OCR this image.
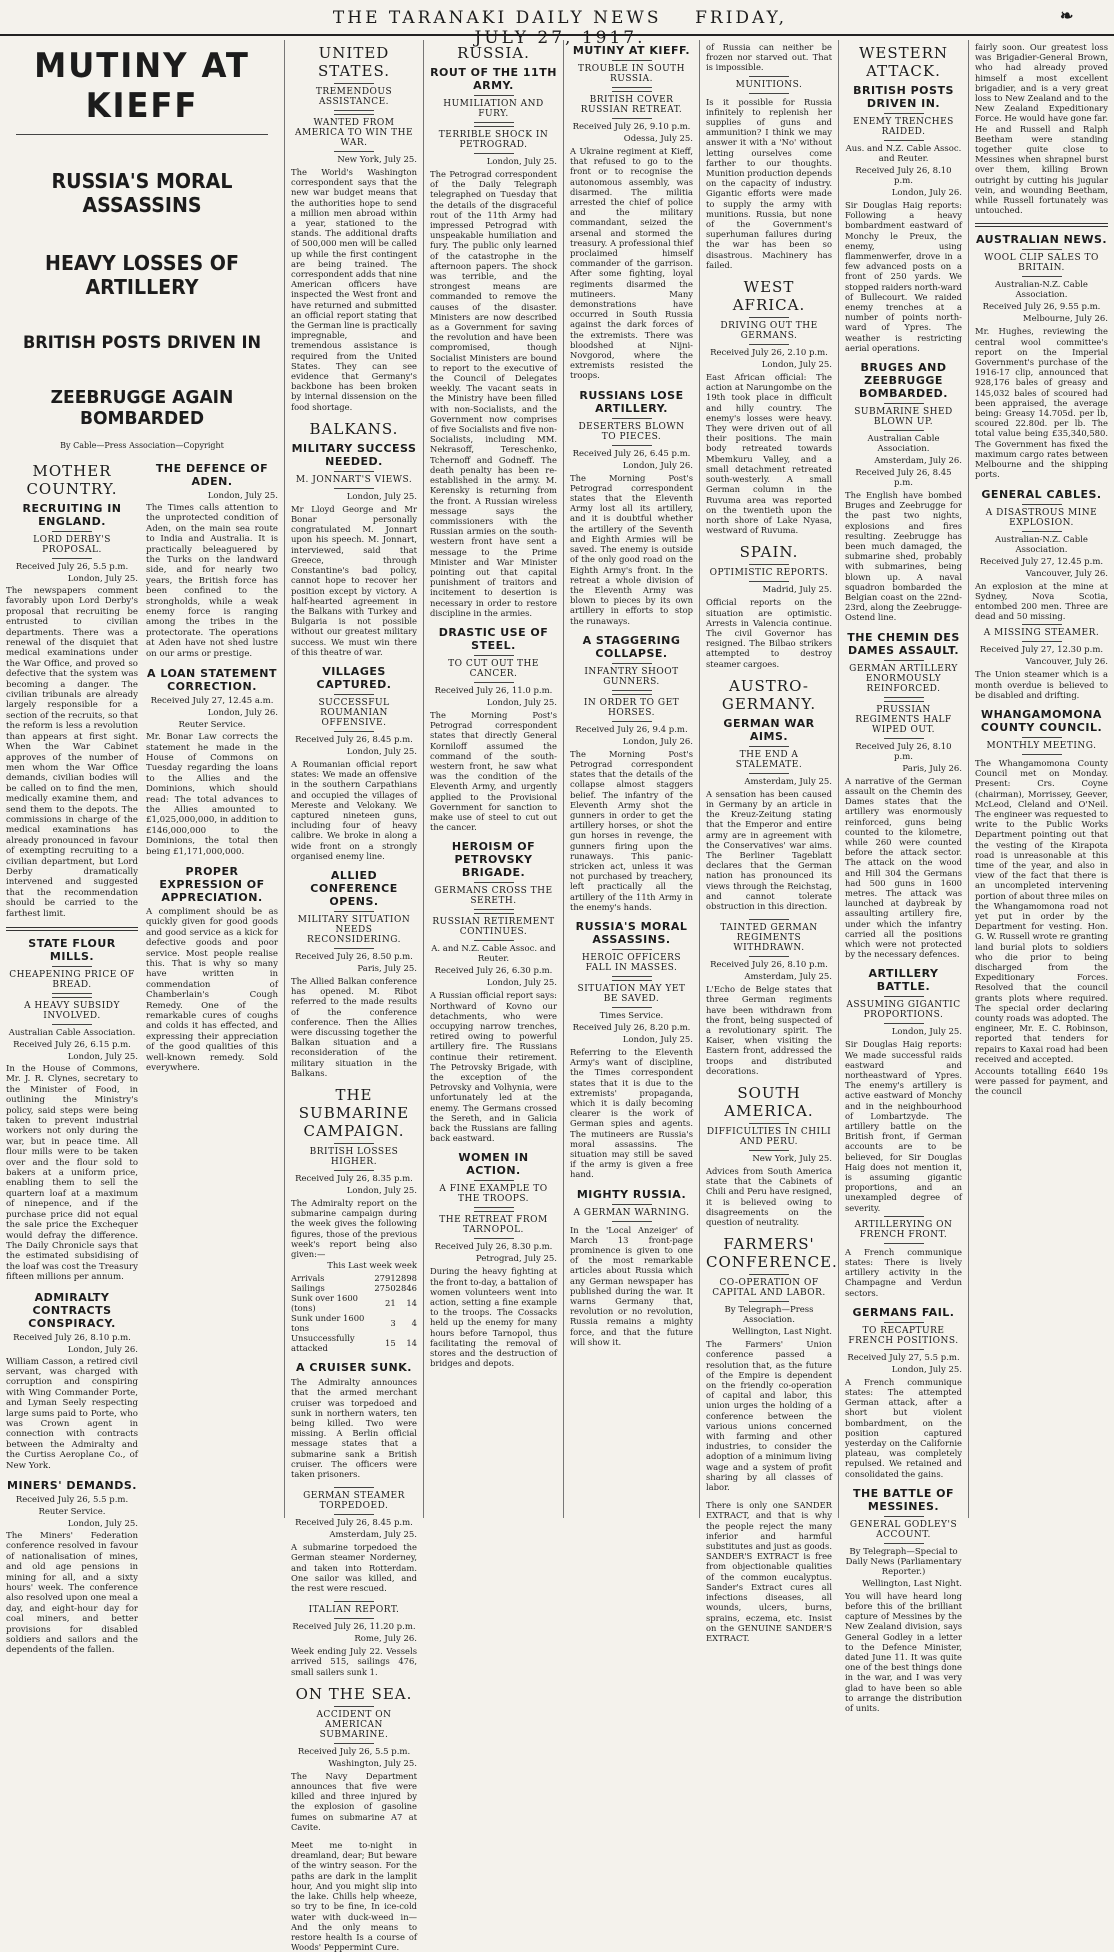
THE TARANAKI DAILY NEWS FRIDAY, JULY 27, 1917.
❧
MUTINY AT KIEFF
RUSSIA'S MORAL ASSASSINS
HEAVY LOSSES OF ARTILLERY
BRITISH POSTS DRIVEN IN
ZEEBRUGGE AGAIN BOMBARDED
By Cable—Press Association—Copyright
MOTHER COUNTRY.
RECRUITING IN ENGLAND.
LORD DERBY'S PROPOSAL.
Received July 26, 5.5 p.m.
London, July 25.
The newspapers comment favorably upon Lord Derby's proposal that recruiting be entrusted to civilian departments. There was a renewal of the disquiet that medical examinations under the War Office, and proved so defective that the system was becoming a danger. The civilian tribunals are already largely responsible for a section of the recruits, so that the reform is less a revolution than appears at first sight. When the War Cabinet approves of the number of men whom the War Office demands, civilian bodies will be called on to find the men, medically examine them, and send them to the depots. The commissions in charge of the medical examinations has already pronounced in favour of exempting recruiting to a civilian department, but Lord Derby dramatically intervened and suggested that the recommendation should be carried to the farthest limit.
STATE FLOUR MILLS.
CHEAPENING PRICE OF BREAD.
A HEAVY SUBSIDY INVOLVED.
Australian Cable Association.
Received July 26, 6.15 p.m.
London, July 25.
In the House of Commons, Mr. J. R. Clynes, secretary to the Minister of Food, in outlining the Ministry's policy, said steps were being taken to prevent industrial workers not only during the war, but in peace time. All flour mills were to be taken over and the flour sold to bakers at a uniform price, enabling them to sell the quartern loaf at a maximum of ninepence, and if the purchase price did not equal the sale price the Exchequer would defray the difference. The Daily Chronicle says that the estimated subsidising of the loaf was cost the Treasury fifteen millions per annum.
ADMIRALTY CONTRACTS CONSPIRACY.
Received July 26, 8.10 p.m.
London, July 26.
William Casson, a retired civil servant, was charged with corruption and conspiring with Wing Commander Porte, and Lyman Seely respecting large sums paid to Porte, who was Crown agent in connection with contracts between the Admiralty and the Curtiss Aeroplane Co., of New York.
MINERS' DEMANDS.
Received July 26, 5.5 p.m.
Reuter Service.
London, July 25.
The Miners' Federation conference resolved in favour of nationalisation of mines, and old age pensions in mining for all, and a sixty hours' week. The conference also resolved upon one meal a day, and eight-hour day for coal miners, and better provisions for disabled soldiers and sailors and the dependents of the fallen.
THE DEFENCE OF ADEN.
London, July 25.
The Times calls attention to the unprotected condition of Aden, on the main sea route to India and Australia. It is practically beleaguered by the Turks on the landward side, and for nearly two years, the British force has been confined to the strongholds, while a weak enemy force is ranging among the tribes in the protectorate. The operations at Aden have not shed lustre on our arms or prestige.
A LOAN STATEMENT CORRECTION.
Received July 27, 12.45 a.m.
London, July 26.
Reuter Service.
Mr. Bonar Law corrects the statement he made in the House of Commons on Tuesday regarding the loans to the Allies and the Dominions, which should read: The total advances to the Allies amounted to £1,025,000,000, in addition to £146,000,000 to the Dominions, the total then being £1,171,000,000.
PROPER EXPRESSION OF APPRECIATION.
A compliment should be as quickly given for good goods and good service as a kick for defective goods and poor service. Most people realise this. That is why so many have written in commendation of Chamberlain's Cough Remedy. One of the remarkable cures of coughs and colds it has effected, and expressing their appreciation of the good qualities of this well-known remedy. Sold everywhere.
UNITED STATES.
TREMENDOUS ASSISTANCE.
WANTED FROM AMERICA TO WIN THE WAR.
New York, July 25.
The World's Washington correspondent says that the new war budget means that the authorities hope to send a million men abroad within a year, stationed to the stands. The additional drafts of 500,000 men will be called up while the first contingent are being trained. The correspondent adds that nine American officers have inspected the West front and have returned and submitted an official report stating that the German line is practically impregnable, and tremendous assistance is required from the United States. They can see evidence that Germany's backbone has been broken by internal dissension on the food shortage.
BALKANS.
MILITARY SUCCESS NEEDED.
M. JONNART'S VIEWS.
London, July 25.
Mr Lloyd George and Mr Bonar personally congratulated M. Jonnart upon his speech. M. Jonnart, interviewed, said that Greece, through Constantine's bad policy, cannot hope to recover her position except by victory. A half-hearted agreement in the Balkans with Turkey and Bulgaria is not possible without our greatest military success. We must win there of this theatre of war.
VILLAGES CAPTURED.
SUCCESSFUL ROUMANIAN OFFENSIVE.
Received July 26, 8.45 p.m.
London, July 25.
A Roumanian official report states: We made an offensive in the southern Carpathians and occupied the villages of Mereste and Velokany. We captured nineteen guns, including four of heavy calibre. We broke in along a wide front on a strongly organised enemy line.
ALLIED CONFERENCE OPENS.
MILITARY SITUATION NEEDS RECONSIDERING.
Received July 26, 8.50 p.m.
Paris, July 25.
The Allied Balkan conference has opened. M. Ribot referred to the made results of the conference conference. Then the Allies were discussing together the Balkan situation and a reconsideration of the military situation in the Balkans.
THE SUBMARINE CAMPAIGN.
BRITISH LOSSES HIGHER.
Received July 26, 8.35 p.m.
London, July 25.
The Admiralty report on the submarine campaign during the week gives the following figures, those of the previous week's report being also given:—
This Last week week
Arrivals	2791	2898
Sailings	2750	2846
Sunk over 1600 (tons)	21	14
Sunk under 1600 tons	3	4
Unsuccessfully attacked	15	14
A CRUISER SUNK.
The Admiralty announces that the armed merchant cruiser was torpedoed and sunk in northern waters, ten being killed. Two were missing. A Berlin official message states that a submarine sank a British cruiser. The officers were taken prisoners.
GERMAN STEAMER TORPEDOED.
Received July 26, 8.45 p.m.
Amsterdam, July 25.
A submarine torpedoed the German steamer Norderney, and taken into Rotterdam. One sailor was killed, and the rest were rescued.
ITALIAN REPORT.
Received July 26, 11.20 p.m.
Rome, July 26.
Week ending July 22. Vessels arrived 515, sailings 476, small sailers sunk 1.
ON THE SEA.
ACCIDENT ON AMERICAN SUBMARINE.
Received July 26, 5.5 p.m.
Washington, July 25.
The Navy Department announces that five were killed and three injured by the explosion of gasoline fumes on submarine A7 at Cavite.
Meet me to-night in dreamland, dear; But beware of the wintry season. For the paths are dark in the lamplit hour, And you might slip into the lake. Chills help wheeze, so try to be fine, In ice-cold water with duck-weed in— And the only means to restore health Is a course of Woods' Peppermint Cure.
RUSSIA.
ROUT OF THE 11TH ARMY.
HUMILIATION AND FURY.
TERRIBLE SHOCK IN PETROGRAD.
London, July 25.
The Petrograd correspondent of the Daily Telegraph telegraphed on Tuesday that the details of the disgraceful rout of the 11th Army had impressed Petrograd with unspeakable humiliation and fury. The public only learned of the catastrophe in the afternoon papers. The shock was terrible, and the strongest means are commanded to remove the causes of the disaster. Ministers are now described as a Government for saving the revolution and have been compromised, though Socialist Ministers are bound to report to the executive of the Council of Delegates weekly. The vacant seats in the Ministry have been filled with non-Socialists, and the Government now comprises of five Socialists and five non-Socialists, including MM. Nekrasoff, Tereschenko, Tchernoff and Godneff. The death penalty has been re-established in the army. M. Kerensky is returning from the front. A Russian wireless message says the commissioners with the Russian armies on the south-western front have sent a message to the Prime Minister and War Minister pointing out that capital punishment of traitors and incitement to desertion is necessary in order to restore discipline in the armies.
DRASTIC USE OF STEEL.
TO CUT OUT THE CANCER.
Received July 26, 11.0 p.m.
London, July 25.
The Morning Post's Petrograd correspondent states that directly General Korniloff assumed the command of the south-western front, he saw what was the condition of the Eleventh Army, and urgently applied to the Provisional Government for sanction to make use of steel to cut out the cancer.
HEROISM OF PETROVSKY BRIGADE.
GERMANS CROSS THE SERETH.
RUSSIAN RETIREMENT CONTINUES.
A. and N.Z. Cable Assoc. and Reuter.
Received July 26, 6.30 p.m.
London, July 25.
A Russian official report says: Northward of Kovno our detachments, who were occupying narrow trenches, retired owing to powerful artillery fire. The Russians continue their retirement. The Petrovsky Brigade, with the exception of the Petrovsky and Volhynia, were unfortunately led at the enemy. The Germans crossed the Sereth, and in Galicia back the Russians are falling back eastward.
WOMEN IN ACTION.
A FINE EXAMPLE TO THE TROOPS.
THE RETREAT FROM TARNOPOL.
Received July 26, 8.30 p.m.
Petrograd, July 25.
During the heavy fighting at the front to-day, a battalion of women volunteers went into action, setting a fine example to the troops. The Cossacks held up the enemy for many hours before Tarnopol, thus facilitating the removal of stores and the destruction of bridges and depots.
MUTINY AT KIEFF.
TROUBLE IN SOUTH RUSSIA.
BRITISH COVER RUSSIAN RETREAT.
Received July 26, 9.10 p.m.
Odessa, July 25.
A Ukraine regiment at Kieff, that refused to go to the front or to recognise the autonomous assembly, was disarmed. The militia arrested the chief of police and the military commandant, seized the arsenal and stormed the treasury. A professional thief proclaimed himself commander of the garrison. After some fighting, loyal regiments disarmed the mutineers. Many demonstrations have occurred in South Russia against the dark forces of the extremists. There was bloodshed at Nijni-Novgorod, where the extremists resisted the troops.
RUSSIANS LOSE ARTILLERY.
DESERTERS BLOWN TO PIECES.
Received July 26, 6.45 p.m.
London, July 26.
The Morning Post's Petrograd correspondent states that the Eleventh Army lost all its artillery, and it is doubtful whether the artillery of the Seventh and Eighth Armies will be saved. The enemy is outside of the only good road on the Eighth Army's front. In the retreat a whole division of the Eleventh Army was blown to pieces by its own artillery in efforts to stop the runaways.
A STAGGERING COLLAPSE.
INFANTRY SHOOT GUNNERS.
IN ORDER TO GET HORSES.
Received July 26, 9.4 p.m.
London, July 26.
The Morning Post's Petrograd correspondent states that the details of the collapse almost staggers belief. The infantry of the Eleventh Army shot the gunners in order to get the artillery horses, or shot the gun horses in revenge, the gunners firing upon the runaways. This panic-stricken act, unless it was not purchased by treachery, left practically all the artillery of the 11th Army in the enemy's hands.
RUSSIA'S MORAL ASSASSINS.
HEROIC OFFICERS FALL IN MASSES.
SITUATION MAY YET BE SAVED.
Times Service.
Received July 26, 8.20 p.m.
London, July 25.
Referring to the Eleventh Army's want of discipline, the Times correspondent states that it is due to the extremists' propaganda, which it is daily becoming clearer is the work of German spies and agents. The mutineers are Russia's moral assassins. The situation may still be saved if the army is given a free hand.
MIGHTY RUSSIA.
A GERMAN WARNING.
In the 'Local Anzeiger' of March 13 front-page prominence is given to one of the most remarkable articles about Russia which any German newspaper has published during the war. It warns Germany that, revolution or no revolution, Russia remains a mighty force, and that the future will show it.
of Russia can neither be frozen nor starved out. That is impossible.
MUNITIONS.
Is it possible for Russia infinitely to replenish her supplies of guns and ammunition? I think we may answer it with a 'No' without letting ourselves come farther to our thoughts. Munition production depends on the capacity of industry. Gigantic efforts were made to supply the army with munitions. Russia, but none of the Government's superhuman failures during the war has been so disastrous. Machinery has failed.
WEST AFRICA.
DRIVING OUT THE GERMANS.
Received July 26, 2.10 p.m.
London, July 25.
East African official: The action at Narungombe on the 19th took place in difficult and hilly country. The enemy's losses were heavy. They were driven out of all their positions. The main body retreated towards Mbemkuru Valley, and a small detachment retreated south-westerly. A small German column in the Ruvuma area was reported on the twentieth upon the north shore of Lake Nyasa, westward of Ruvuma.
SPAIN.
OPTIMISTIC REPORTS.
Madrid, July 25.
Official reports on the situation are optimistic. Arrests in Valencia continue. The civil Governor has resigned. The Bilbao strikers attempted to destroy steamer cargoes.
AUSTRO-GERMANY.
GERMAN WAR AIMS.
THE END A STALEMATE.
Amsterdam, July 25.
A sensation has been caused in Germany by an article in the Kreuz-Zeitung stating that the Emperor and entire army are in agreement with the Conservatives' war aims. The Berliner Tageblatt declares that the German nation has pronounced its views through the Reichstag, and cannot tolerate obstruction in this direction.
TAINTED GERMAN REGIMENTS WITHDRAWN.
Received July 26, 8.10 p.m.
Amsterdam, July 25.
L'Echo de Belge states that three German regiments have been withdrawn from the front, being suspected of a revolutionary spirit. The Kaiser, when visiting the Eastern front, addressed the troops and distributed decorations.
SOUTH AMERICA.
DIFFICULTIES IN CHILI AND PERU.
New York, July 25.
Advices from South America state that the Cabinets of Chili and Peru have resigned, it is believed owing to disagreements on the question of neutrality.
FARMERS' CONFERENCE.
CO-OPERATION OF CAPITAL AND LABOR.
By Telegraph—Press Association.
Wellington, Last Night.
The Farmers' Union conference passed a resolution that, as the future of the Empire is dependent on the friendly co-operation of capital and labor, this union urges the holding of a conference between the various unions concerned with farming and other industries, to consider the adoption of a minimum living wage and a system of profit sharing by all classes of labor.
There is only one SANDER EXTRACT, and that is why the people reject the many inferior and harmful substitutes and just as goods. SANDER'S EXTRACT is free from objectionable qualities of the common eucalyptus. Sander's Extract cures all infections diseases, all wounds, ulcers, burns, sprains, eczema, etc. Insist on the GENUINE SANDER'S EXTRACT.
WESTERN ATTACK.
BRITISH POSTS DRIVEN IN.
ENEMY TRENCHES RAIDED.
Aus. and N.Z. Cable Assoc. and Reuter.
Received July 26, 8.10 p.m.
London, July 26.
Sir Douglas Haig reports: Following a heavy bombardment eastward of Monchy le Preux, the enemy, using flammenwerfer, drove in a few advanced posts on a front of 250 yards. We stopped raiders north-ward of Bullecourt. We raided enemy trenches at a number of points north-ward of Ypres. The weather is restricting aerial operations.
BRUGES AND ZEEBRUGGE BOMBARDED.
SUBMARINE SHED BLOWN UP.
Australian Cable Association.
Amsterdam, July 26.
Received July 26, 8.45 p.m.
The English have bombed Bruges and Zeebrugge for the past two nights, explosions and fires resulting. Zeebrugge has been much damaged, the submarine shed, probably with submarines, being blown up. A naval squadron bombarded the Belgian coast on the 22nd-23rd, along the Zeebrugge-Ostend line.
THE CHEMIN DES DAMES ASSAULT.
GERMAN ARTILLERY ENORMOUSLY REINFORCED.
PRUSSIAN REGIMENTS HALF WIPED OUT.
Received July 26, 8.10 p.m.
Paris, July 26.
A narrative of the German assault on the Chemin des Dames states that the artillery was enormously reinforced, guns being counted to the kilometre, while 260 were counted before the attack sector. The attack on the wood and Hill 304 the Germans had 500 guns in 1600 metres. The attack was launched at daybreak by assaulting artillery fire, under which the infantry carried all the positions which were not protected by the necessary defences.
ARTILLERY BATTLE.
ASSUMING GIGANTIC PROPORTIONS.
London, July 25.
Sir Douglas Haig reports: We made successful raids eastward and northeastward of Ypres. The enemy's artillery is active eastward of Monchy and in the neighbourhood of Lombartzyde. The artillery battle on the British front, if German accounts are to be believed, for Sir Douglas Haig does not mention it, is assuming gigantic proportions, and an unexampled degree of severity.
ARTILLERYING ON FRENCH FRONT.
A French communique states: There is lively artillery activity in the Champagne and Verdun sectors.
GERMANS FAIL.
TO RECAPTURE FRENCH POSITIONS.
Received July 27, 5.5 p.m.
London, July 25.
A French communique states: The attempted German attack, after a short but violent bombardment, on the position captured yesterday on the Californie plateau, was completely repulsed. We retained and consolidated the gains.
THE BATTLE OF MESSINES.
GENERAL GODLEY'S ACCOUNT.
By Telegraph—Special to Daily News (Parliamentary Reporter.)
Wellington, Last Night.
You will have heard long before this of the brilliant capture of Messines by the New Zealand division, says General Godley in a letter to the Defence Minister, dated June 11. It was quite one of the best things done in the war, and I was very glad to have been so able to arrange the distribution of units.
fairly soon. Our greatest loss was Brigadier-General Brown, who had already proved himself a most excellent brigadier, and is a very great loss to New Zealand and to the New Zealand Expeditionary Force. He would have gone far. He and Russell and Ralph Beetham were standing together quite close to Messines when shrapnel burst over them, killing Brown outright by cutting his jugular vein, and wounding Beetham, while Russell fortunately was untouched.
AUSTRALIAN NEWS.
WOOL CLIP SALES TO BRITAIN.
Australian-N.Z. Cable Association.
Received July 26, 9.55 p.m.
Melbourne, July 26.
Mr. Hughes, reviewing the central wool committee's report on the Imperial Government's purchase of the 1916-17 clip, announced that 928,176 bales of greasy and 145,032 bales of scoured had been appraised, the average being: Greasy 14.705d. per lb, scoured 22.80d. per lb. The total value being £35,340,580. The Government has fixed the maximum cargo rates between Melbourne and the shipping ports.
GENERAL CABLES.
A DISASTROUS MINE EXPLOSION.
Australian-N.Z. Cable Association.
Received July 27, 12.45 p.m.
Vancouver, July 26.
An explosion at the mine at Sydney, Nova Scotia, entombed 200 men. Three are dead and 50 missing.
A MISSING STEAMER.
Received July 27, 12.30 p.m.
Vancouver, July 26.
The Union steamer which is a month overdue is believed to be disabled and drifting.
WHANGAMOMONA COUNTY COUNCIL.
MONTHLY MEETING.
The Whangamomona County Council met on Monday. Present: Crs. Coyne (chairman), Morrissey, Geever, McLeod, Cleland and O'Neil. The engineer was requested to write to the Public Works Department pointing out that the vesting of the Kirapota road is unreasonable at this time of the year, and also in view of the fact that there is an uncompleted intervening portion of about three miles on the Whangamomona road not yet put in order by the Department for vesting. Hon. G. W. Russell wrote re granting land burial plots to soldiers who die prior to being discharged from the Expeditionary Forces. Resolved that the council grants plots where required. The special order declaring county roads was adopted. The engineer, Mr. E. C. Robinson, reported that tenders for repairs to Kaxai road had been received and accepted.
Accounts totalling £640 19s were passed for payment, and the council
